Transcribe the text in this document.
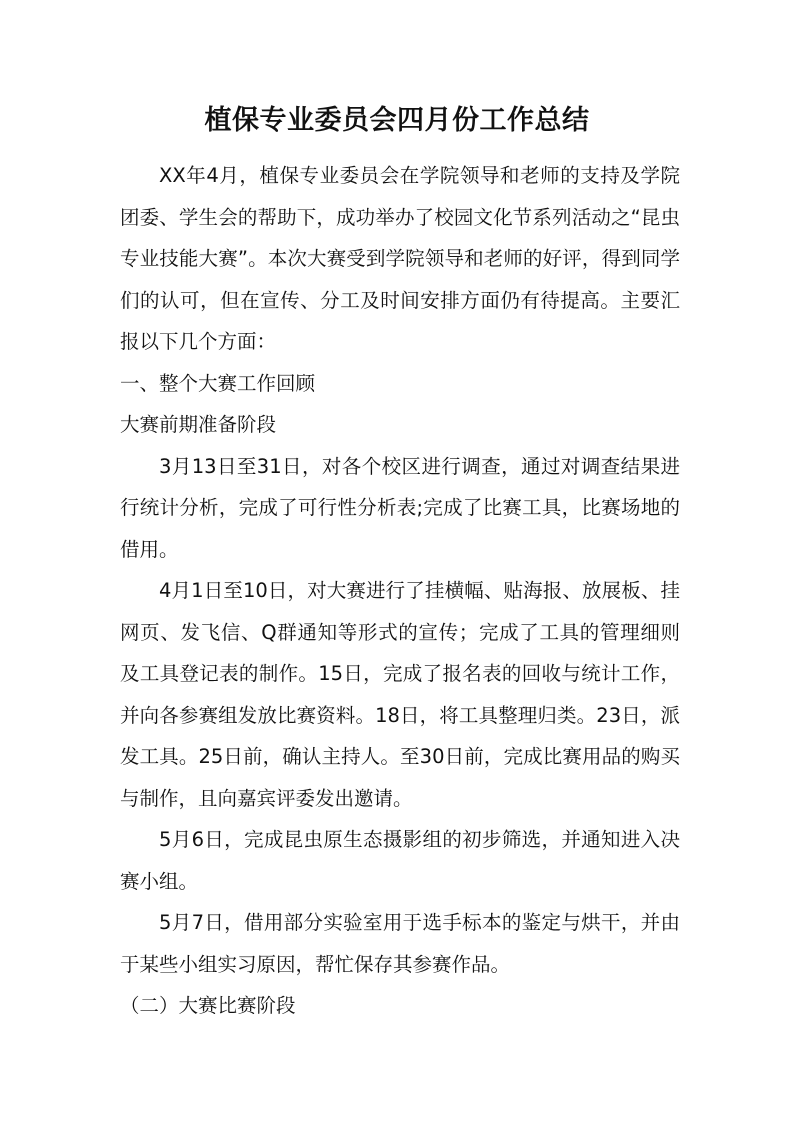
植保专业委员会四月份工作总结

XX年4月，植保专业委员会在学院领导和老师的支持及学院团委、学生会的帮助下，成功举办了校园文化节系列活动之“昆虫专业技能大赛”。本次大赛受到学院领导和老师的好评，得到同学们的认可，但在宣传、分工及时间安排方面仍有待提高。主要汇报以下几个方面：

一、整个大赛工作回顾

大赛前期准备阶段

3月13日至31日，对各个校区进行调查，通过对调查结果进行统计分析，完成了可行性分析表;完成了比赛工具，比赛场地的借用。

4月1日至10日，对大赛进行了挂横幅、贴海报、放展板、挂网页、发飞信、Q群通知等形式的宣传；完成了工具的管理细则及工具登记表的制作。15日，完成了报名表的回收与统计工作，并向各参赛组发放比赛资料。18日，将工具整理归类。23日，派发工具。25日前，确认主持人。至30日前，完成比赛用品的购买与制作，且向嘉宾评委发出邀请。

5月6日，完成昆虫原生态摄影组的初步筛选，并通知进入决赛小组。

5月7日，借用部分实验室用于选手标本的鉴定与烘干，并由于某些小组实习原因，帮忙保存其参赛作品。

（二）大赛比赛阶段
